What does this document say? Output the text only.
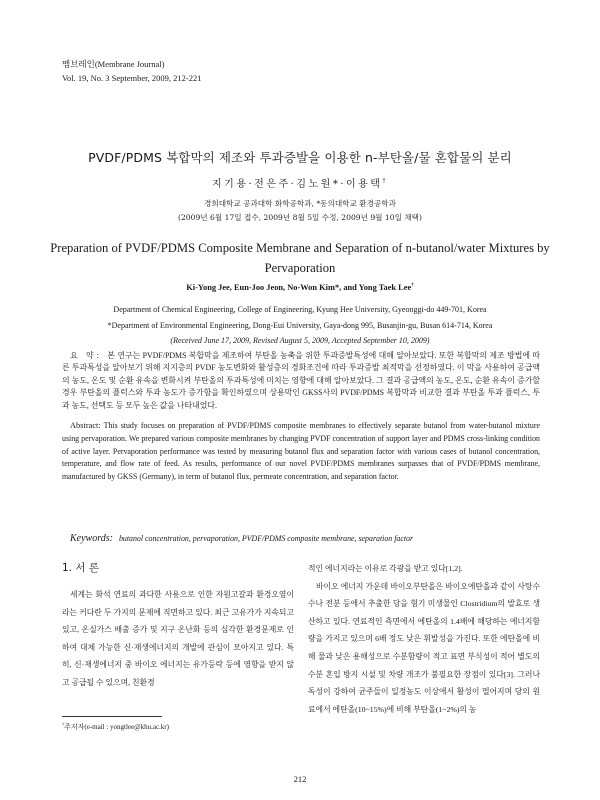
멤브레인(Membrane Journal)
Vol. 19, No. 3 September, 2009, 212-221
PVDF/PDMS 복합막의 제조와 투과증발을 이용한 n-부탄올/물 혼합물의 분리
지기용·전은주·김노원*·이용택†
경희대학교 공과대학 화학공학과, *동의대학교 환경공학과
(2009년 6월 17일 접수, 2009년 8월 5일 수정, 2009년 9월 10일 채택)
Preparation of PVDF/PDMS Composite Membrane and Separation of n-butanol/water Mixtures by Pervaporation
Ki-Yong Jee, Eun-Joo Jeon, No-Won Kim*, and Yong Taek Lee†
Department of Chemical Engineering, College of Engineering, Kyung Hee University, Gyeonggi-do 449-701, Korea
*Department of Environmental Engineering, Dong-Eui University, Gaya-dong 995, Busanjin-gu, Busan 614-714, Korea
(Received June 17, 2009, Revised August 5, 2009, Accepted September 10, 2009)
요 약: 본 연구는 PVDF/PDMS 복합막을 제조하여 부탄올 농축을 위한 투과증발특성에 대해 알아보았다. 또한 복합막의 제조 방법에 따른 투과특성을 알아보기 위해 지지층의 PVDF 농도변화와 활성층의 경화조건에 따라 투과증발 최적막을 선정하였다. 이 막을 사용하여 공급액의 농도, 온도 및 순환 유속을 변화시켜 부탄올의 투과특성에 미치는 영향에 대해 알아보았다. 그 결과 공급액의 농도, 온도, 순환 유속이 증가할 경우 부탄올의 플럭스와 투과 농도가 증가함을 확인하였으며 상용막인 GKSS사의 PVDF/PDMS 복합막과 비교한 결과 부탄올 투과 플럭스, 투과 농도, 선택도 등 모두 높은 값을 나타내었다.
Abstract: This study focuses on preparation of PVDF/PDMS composite membranes to effectively separate butanol from water-butanol mixture using pervaporation. We prepared various composite membranes by changing PVDF concentration of support layer and PDMS cross-linking condition of active layer. Pervaporation performance was tested by measuring butanol flux and separation factor with various cases of butanol concentration, temperature, and flow rate of feed. As results, performance of our novel PVDF/PDMS membranes surpasses that of PVDF/PDMS membrane, manufactured by GKSS (Germany), in term of butanol flux, permeate concentration, and separation factor.
Keywords: butanol concentration, pervaporation, PVDF/PDMS composite membrane, separation factor
1. 서 론

세계는 화석 연료의 과다한 사용으로 인한 자원고갈과 환경오염이라는 커다란 두 가지의 문제에 직면하고 있다. 최근 고유가가 지속되고 있고, 온실가스 배출 증가 및 지구 온난화 등의 심각한 환경문제로 인하여 대체 가능한 신·재생에너지의 개발에 관심이 모아지고 있다. 특히, 신·재생에너지 중 바이오 에너지는 유가등락 등에 영향을 받지 않고 공급될 수 있으며, 친환경

적인 에너지라는 이유로 각광을 받고 있다[1,2].

바이오 에너지 가운데 바이오부탄올은 바이오에탄올과 같이 사탕수수나 전분 등에서 추출한 당을 혐기 미생물인 Clostridium의 발효로 생산하고 있다. 연료적인 측면에서 에탄올의 1.4배에 해당하는 에너지함량을 가지고 있으며 6배 정도 낮은 휘발성을 가진다. 또한 에탄올에 비해 물과 낮은 용해성으로 수분함량이 적고 표면 부식성이 적어 별도의 수분 혼입 방지 시설 및 차량 개조가 불필요한 장점이 있다[3]. 그러나 독성이 강하여 균주들이 일정농도 이상에서 활성이 떨어지며 당의 원료에서 에탄올(10~15%)에 비해 부탄올(1~2%)의 농

†주저자(e-mail : yongtlee@khu.ac.kr)
212
